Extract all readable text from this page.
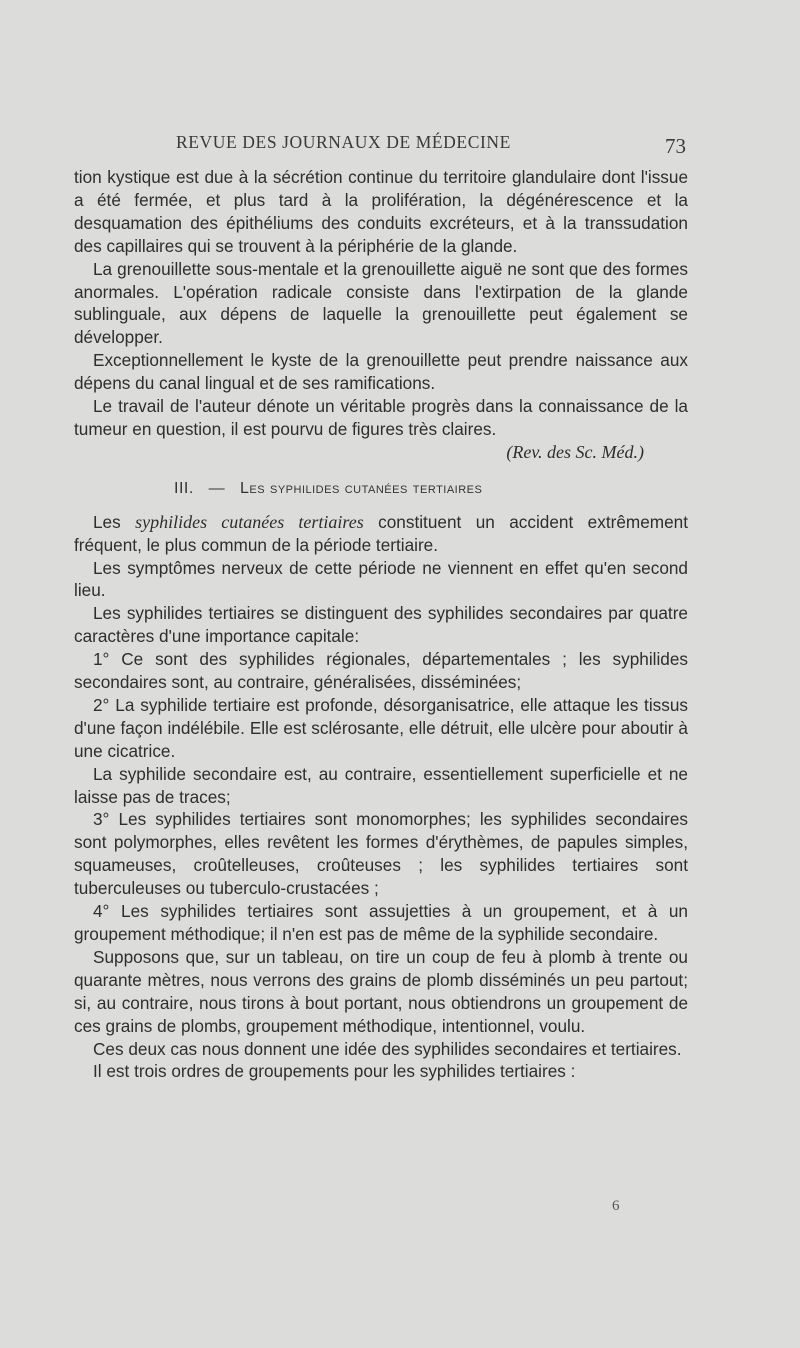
REVUE DES JOURNAUX DE MÉDECINE	73

tion kystique est due à la sécrétion continue du territoire glandulaire dont l'issue a été fermée, et plus tard à la prolifération, la dégénérescence et la desquamation des épithéliums des conduits excréteurs, et à la transsudation des capillaires qui se trouvent à la périphérie de la glande.

La grenouillette sous-mentale et la grenouillette aiguë ne sont que des formes anormales. L'opération radicale consiste dans l'extirpation de la glande sublinguale, aux dépens de laquelle la grenouillette peut également se développer.

Exceptionnellement le kyste de la grenouillette peut prendre naissance aux dépens du canal lingual et de ses ramifications.

Le travail de l'auteur dénote un véritable progrès dans la connaissance de la tumeur en question, il est pourvu de figures très claires.

(Rev. des Sc. Méd.)

III. — Les syphilides cutanées tertiaires

Les syphilides cutanées tertiaires constituent un accident extrêmement fréquent, le plus commun de la période tertiaire.

Les symptômes nerveux de cette période ne viennent en effet qu'en second lieu.

Les syphilides tertiaires se distinguent des syphilides secondaires par quatre caractères d'une importance capitale:

1° Ce sont des syphilides régionales, départementales ; les syphilides secondaires sont, au contraire, généralisées, disséminées;

2° La syphilide tertiaire est profonde, désorganisatrice, elle attaque les tissus d'une façon indélébile. Elle est sclérosante, elle détruit, elle ulcère pour aboutir à une cicatrice.

La syphilide secondaire est, au contraire, essentiellement superficielle et ne laisse pas de traces;

3° Les syphilides tertiaires sont monomorphes; les syphilides secondaires sont polymorphes, elles revêtent les formes d'érythèmes, de papules simples, squameuses, croûtelleuses, croûteuses ; les syphilides tertiaires sont tuberculeuses ou tuberculo-crustacées ;

4° Les syphilides tertiaires sont assujetties à un groupement, et à un groupement méthodique; il n'en est pas de même de la syphilide secondaire.

Supposons que, sur un tableau, on tire un coup de feu à plomb à trente ou quarante mètres, nous verrons des grains de plomb disséminés un peu partout; si, au contraire, nous tirons à bout portant, nous obtiendrons un groupement de ces grains de plombs, groupement méthodique, intentionnel, voulu.

Ces deux cas nous donnent une idée des syphilides secondaires et tertiaires.

Il est trois ordres de groupements pour les syphilides tertiaires :

6
